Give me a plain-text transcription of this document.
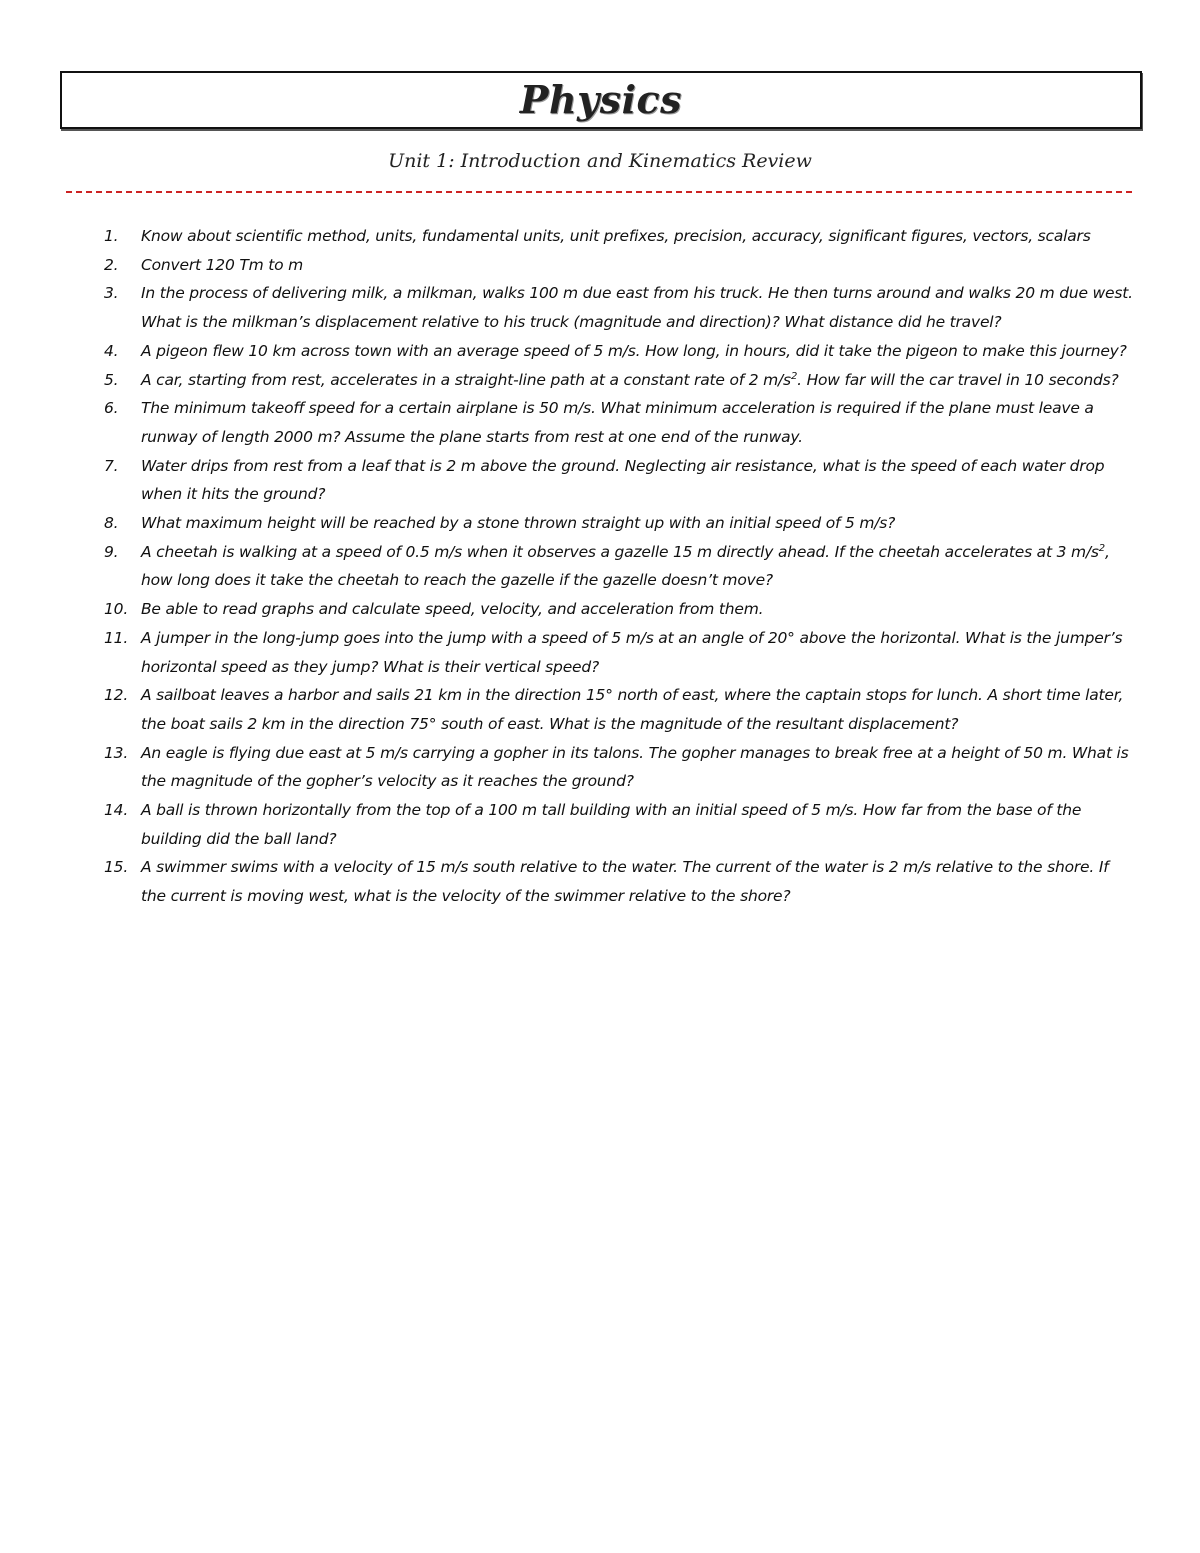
Physics
Unit 1: Introduction and Kinematics Review
1.	Know about scientific method, units, fundamental units, unit prefixes, precision, accuracy, significant figures, vectors, scalars
2.	Convert 120 Tm to m
3.	In the process of delivering milk, a milkman, walks 100 m due east from his truck. He then turns around and walks 20 m due west. What is the milkman’s displacement relative to his truck (magnitude and direction)? What distance did he travel?
4.	A pigeon flew 10 km across town with an average speed of 5 m/s. How long, in hours, did it take the pigeon to make this journey?
5.	A car, starting from rest, accelerates in a straight-line path at a constant rate of 2 $m/s^2$. How far will the car travel in 10 seconds?
6.	The minimum takeoff speed for a certain airplane is 50 m/s. What minimum acceleration is required if the plane must leave a runway of length 2000 m? Assume the plane starts from rest at one end of the runway.
7.	Water drips from rest from a leaf that is 2 m above the ground. Neglecting air resistance, what is the speed of each water drop when it hits the ground?
8.	What maximum height will be reached by a stone thrown straight up with an initial speed of 5 m/s?
9.	A cheetah is walking at a speed of 0.5 m/s when it observes a gazelle 15 m directly ahead. If the cheetah accelerates at 3 $m/s^2$, how long does it take the cheetah to reach the gazelle if the gazelle doesn’t move?
10. Be able to read graphs and calculate speed, velocity, and acceleration from them.
11. A jumper in the long-jump goes into the jump with a speed of 5 m/s at an angle of 20° above the horizontal. What is the jumper’s horizontal speed as they jump? What is their vertical speed?
12. A sailboat leaves a harbor and sails 21 km in the direction 15° north of east, where the captain stops for lunch. A short time later, the boat sails 2 km in the direction 75° south of east. What is the magnitude of the resultant displacement?
13. An eagle is flying due east at 5 m/s carrying a gopher in its talons. The gopher manages to break free at a height of 50 m. What is the magnitude of the gopher’s velocity as it reaches the ground?
14. A ball is thrown horizontally from the top of a 100 m tall building with an initial speed of 5 m/s. How far from the base of the building did the ball land?
15. A swimmer swims with a velocity of 15 m/s south relative to the water. The current of the water is 2 m/s relative to the shore. If the current is moving west, what is the velocity of the swimmer relative to the shore?
